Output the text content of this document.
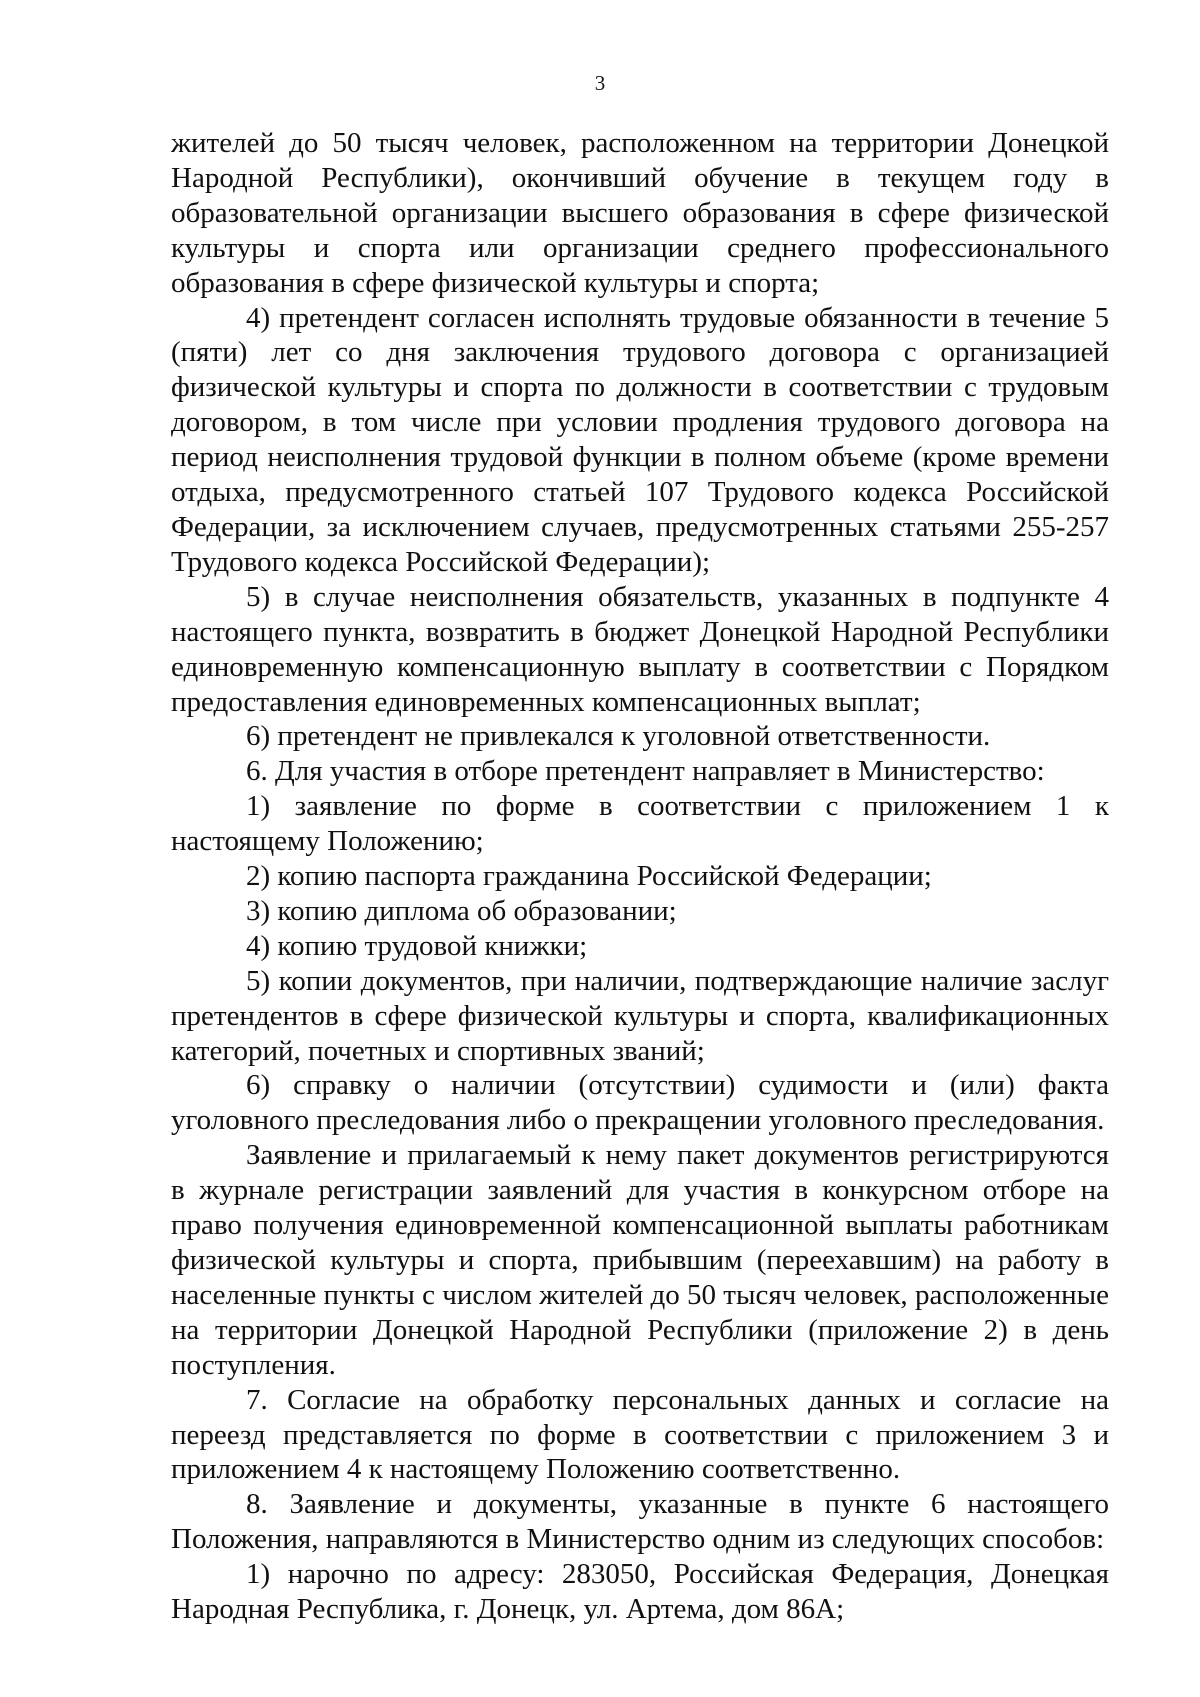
3

жителей до 50 тысяч человек, расположенном на территории Донецкой Народной Республики), окончивший обучение в текущем году в образовательной организации высшего образования в сфере физической культуры и спорта или организации среднего профессионального образования в сфере физической культуры и спорта;

4) претендент согласен исполнять трудовые обязанности в течение 5 (пяти) лет со дня заключения трудового договора с организацией физической культуры и спорта по должности в соответствии с трудовым договором, в том числе при условии продления трудового договора на период неисполнения трудовой функции в полном объеме (кроме времени отдыха, предусмотренного статьей 107 Трудового кодекса Российской Федерации, за исключением случаев, предусмотренных статьями 255-257 Трудового кодекса Российской Федерации);

5) в случае неисполнения обязательств, указанных в подпункте 4 настоящего пункта, возвратить в бюджет Донецкой Народной Республики единовременную компенсационную выплату в соответствии с Порядком предоставления единовременных компенсационных выплат;

6) претендент не привлекался к уголовной ответственности.

6. Для участия в отборе претендент направляет в Министерство:

1) заявление по форме в соответствии с приложением 1 к настоящему Положению;

2) копию паспорта гражданина Российской Федерации;

3) копию диплома об образовании;

4) копию трудовой книжки;

5) копии документов, при наличии, подтверждающие наличие заслуг претендентов в сфере физической культуры и спорта, квалификационных категорий, почетных и спортивных званий;

6) справку о наличии (отсутствии) судимости и (или) факта уголовного преследования либо о прекращении уголовного преследования.

Заявление и прилагаемый к нему пакет документов регистрируются в журнале регистрации заявлений для участия в конкурсном отборе на право получения единовременной компенсационной выплаты работникам физической культуры и спорта, прибывшим (переехавшим) на работу в населенные пункты с числом жителей до 50 тысяч человек, расположенные на территории Донецкой Народной Республики (приложение 2) в день поступления.

7. Согласие на обработку персональных данных и согласие на переезд представляется по форме в соответствии с приложением 3 и приложением 4 к настоящему Положению соответственно.

8. Заявление и документы, указанные в пункте 6 настоящего Положения, направляются в Министерство одним из следующих способов:

1) нарочно по адресу: 283050, Российская Федерация, Донецкая Народная Республика, г. Донецк, ул. Артема, дом 86А;
